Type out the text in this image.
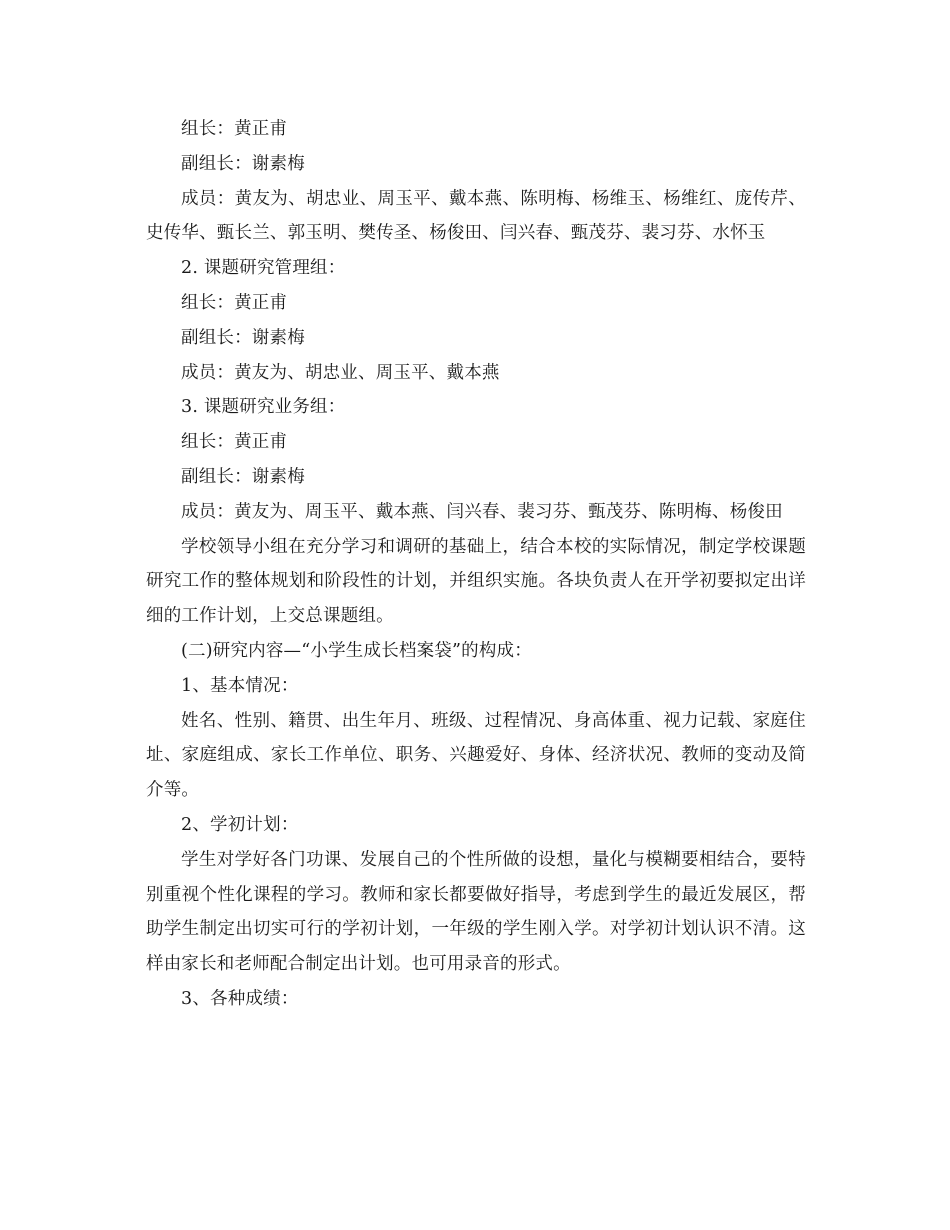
组长：黄正甫

副组长：谢素梅

成员：黄友为、胡忠业、周玉平、戴本燕、陈明梅、杨维玉、杨维红、庞传芹、史传华、甄长兰、郭玉明、樊传圣、杨俊田、闫兴春、甄茂芬、裴习芬、水怀玉

2. 课题研究管理组：

组长：黄正甫

副组长：谢素梅

成员：黄友为、胡忠业、周玉平、戴本燕

3. 课题研究业务组：

组长：黄正甫

副组长：谢素梅

成员：黄友为、周玉平、戴本燕、闫兴春、裴习芬、甄茂芬、陈明梅、杨俊田

学校领导小组在充分学习和调研的基础上，结合本校的实际情况，制定学校课题研究工作的整体规划和阶段性的计划，并组织实施。各块负责人在开学初要拟定出详细的工作计划，上交总课题组。

(二)研究内容—“小学生成长档案袋”的构成：

1、基本情况：

姓名、性别、籍贯、出生年月、班级、过程情况、身高体重、视力记载、家庭住址、家庭组成、家长工作单位、职务、兴趣爱好、身体、经济状况、教师的变动及简介等。

2、学初计划：

学生对学好各门功课、发展自己的个性所做的设想，量化与模糊要相结合，要特别重视个性化课程的学习。教师和家长都要做好指导，考虑到学生的最近发展区，帮助学生制定出切实可行的学初计划，一年级的学生刚入学。对学初计划认识不清。这样由家长和老师配合制定出计划。也可用录音的形式。

3、各种成绩：
